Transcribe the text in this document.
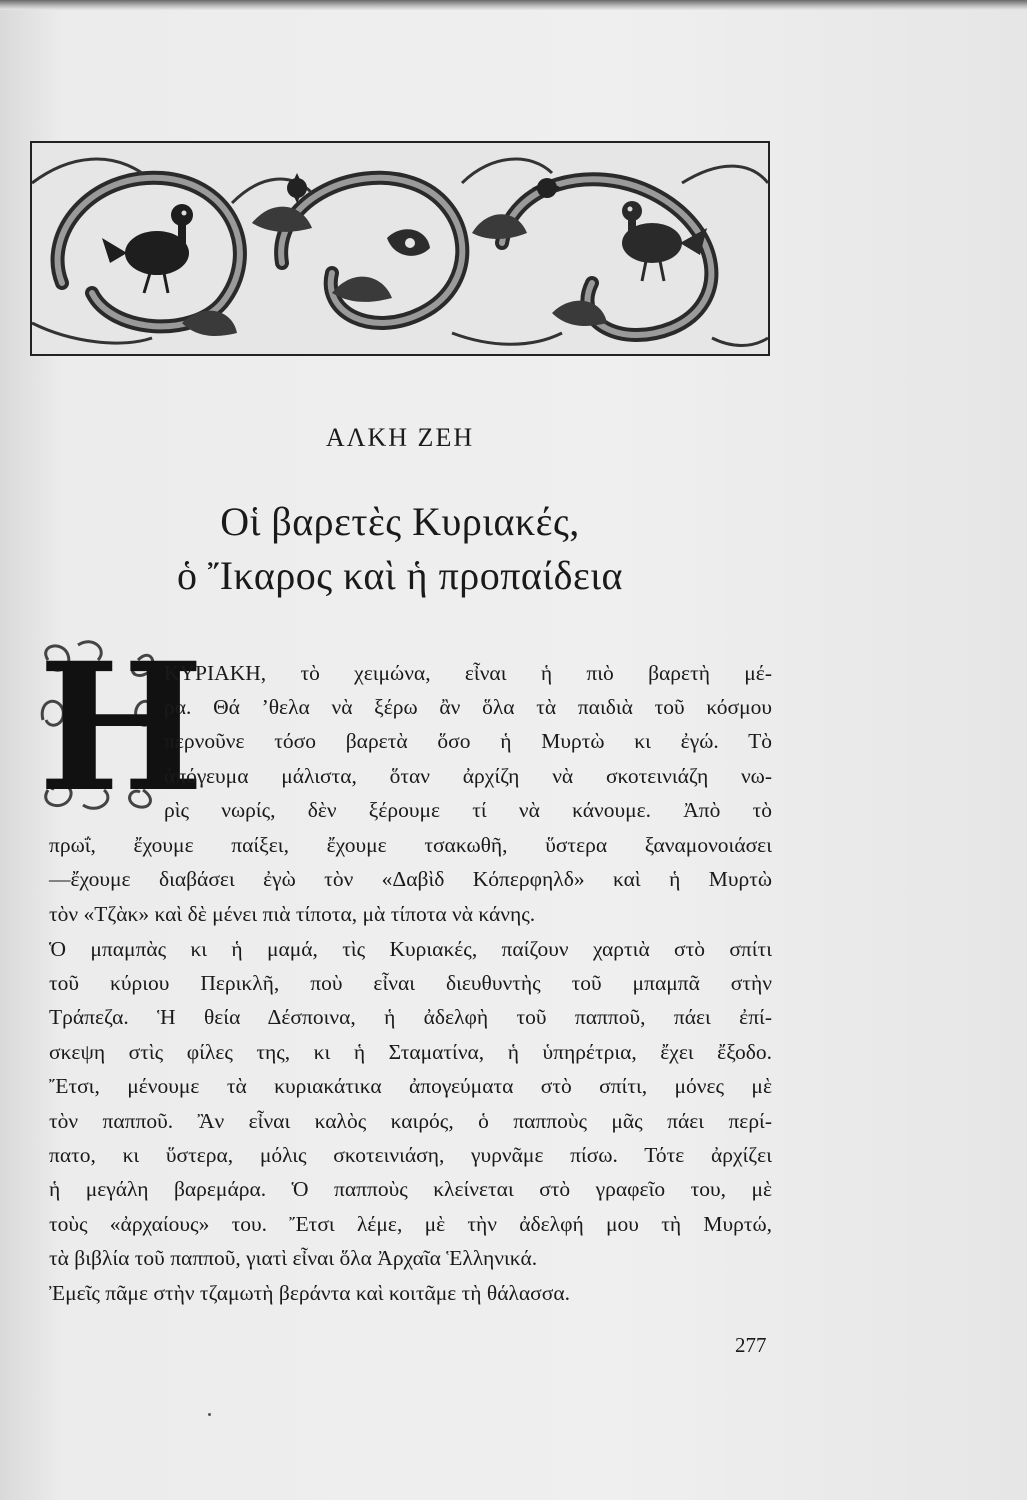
ΑΛΚΗ ΖΕΗ
Οἱ βαρετὲς Κυριακές,
ὁ Ἴκαρος καὶ ἡ προπαίδεια
Η
ΚΥΡΙΑΚΗ, τὸ χειμώνα, εἶναι ἡ πιὸ βαρετὴ μέ-
ρα. Θά ’θελα νὰ ξέρω ἂν ὅλα τὰ παιδιὰ τοῦ κόσμου
περνοῦνε τόσο βαρετὰ ὅσο ἡ Μυρτὼ κι ἐγώ. Τὸ
ἀπόγευμα μάλιστα, ὅταν ἀρχίζη νὰ σκοτεινιάζη νω-
ρὶς νωρίς, δὲν ξέρουμε τί νὰ κάνουμε. Ἀπὸ τὸ
πρωΐ, ἔχουμε παίξει, ἔχουμε τσακωθῆ, ὕστερα ξαναμονοιάσει
—ἔχουμε διαβάσει ἐγὼ τὸν «Δαβὶδ Κόπερφηλδ» καὶ ἡ Μυρτὼ
τὸν «Τζὰκ» καὶ δὲ μένει πιὰ τίποτα, μὰ τίποτα νὰ κάνης.
Ὁ μπαμπὰς κι ἡ μαμά, τὶς Κυριακές, παίζουν χαρτιὰ στὸ σπίτι
τοῦ κύριου Περικλῆ, ποὺ εἶναι διευθυντὴς τοῦ μπαμπᾶ στὴν
Τράπεζα. Ἡ θεία Δέσποινα, ἡ ἀδελφὴ τοῦ παπποῦ, πάει ἐπί-
σκεψη στὶς φίλες της, κι ἡ Σταματίνα, ἡ ὑπηρέτρια, ἔχει ἔξοδο.
Ἔτσι, μένουμε τὰ κυριακάτικα ἀπογεύματα στὸ σπίτι, μόνες μὲ
τὸν παπποῦ. Ἂν εἶναι καλὸς καιρός, ὁ παπποὺς μᾶς πάει περί-
πατο, κι ὕστερα, μόλις σκοτεινιάση, γυρνᾶμε πίσω. Τότε ἀρχίζει
ἡ μεγάλη βαρεμάρα. Ὁ παπποὺς κλείνεται στὸ γραφεῖο του, μὲ
τοὺς «ἀρχαίους» του. Ἔτσι λέμε, μὲ τὴν ἀδελφή μου τὴ Μυρτώ,
τὰ βιβλία τοῦ παπποῦ, γιατὶ εἶναι ὅλα Ἀρχαῖα Ἑλληνικά.
Ἐμεῖς πᾶμε στὴν τζαμωτὴ βεράντα καὶ κοιτᾶμε τὴ θάλασσα.
277
